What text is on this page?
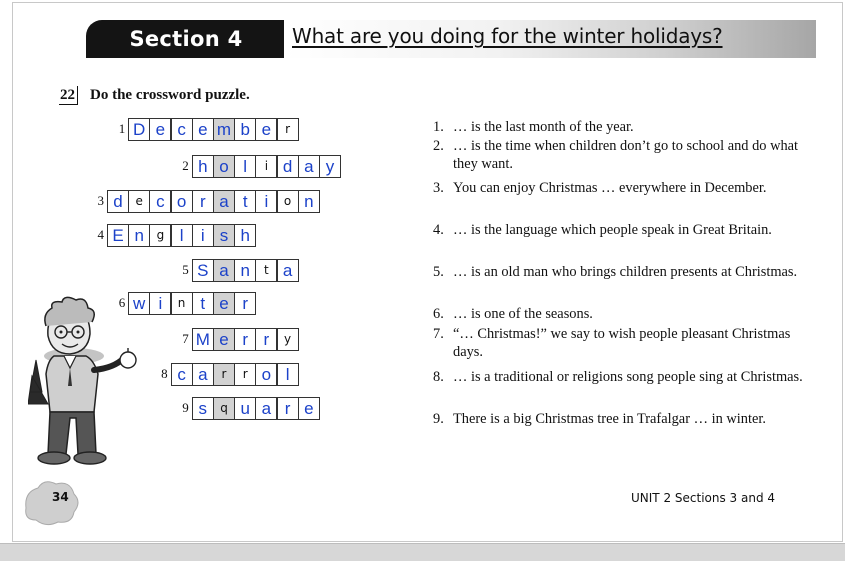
Section 4	What are you doing for the winter holidays?
22 Do the crossword puzzle.
1 D e c e m b e	r
2 h o l	i d a y
3 d	e c o r a t i	o n
4 E n	g l	i s h
5 S a n	t a
6 w i	n t e r
7 M e r r	y
8 c a	r	r o l
9 s	q u a r e
1. … is the last month of the year.
2. … is the time when children don’t go to school and do what they want.
3. You can enjoy Christmas … everywhere in December.
4. … is the language which people speak in Great Britain.
5. … is an old man who brings children presents at Christmas.
6. … is one of the seasons.
7. “… Christmas!” we say to wish people pleasant Christmas days.
8. … is a traditional or religions song people sing at Christmas.
9. There is a big Christmas tree in Trafalgar … in winter.
34	UNIT 2 Sections 3 and 4
